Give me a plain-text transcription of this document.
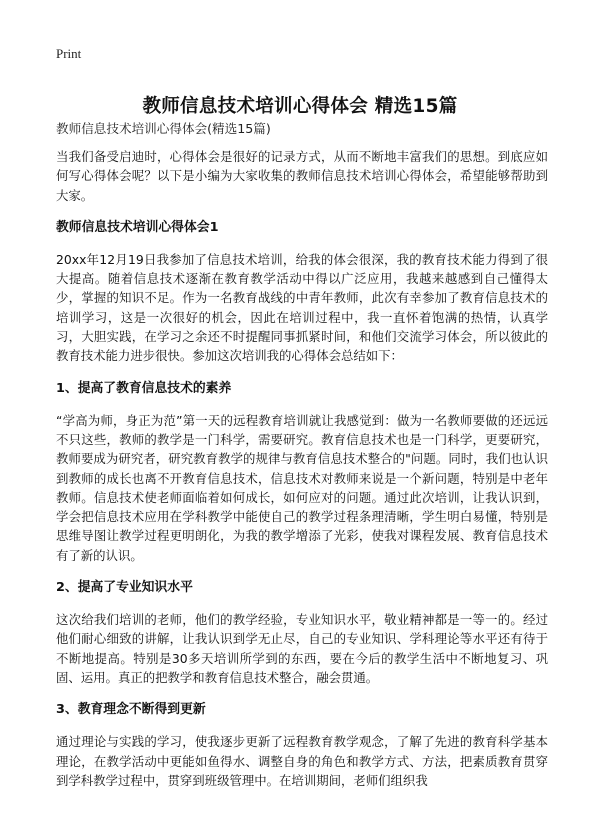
Print
教师信息技术培训心得体会 精选15篇
教师信息技术培训心得体会(精选15篇)

当我们备受启迪时，心得体会是很好的记录方式，从而不断地丰富我们的思想。到底应如何写心得体会呢？以下是小编为大家收集的教师信息技术培训心得体会，希望能够帮助到大家。

教师信息技术培训心得体会1

20xx年12月19日我参加了信息技术培训，给我的体会很深，我的教育技术能力得到了很大提高。随着信息技术逐渐在教育教学活动中得以广泛应用，我越来越感到自己懂得太少，掌握的知识不足。作为一名教育战线的中青年教师，此次有幸参加了教育信息技术的培训学习，这是一次很好的机会，因此在培训过程中，我一直怀着饱满的热情，认真学习，大胆实践，在学习之余还不时提醒同事抓紧时间，和他们交流学习体会，所以彼此的教育技术能力进步很快。参加这次培训我的心得体会总结如下：

1、提高了教育信息技术的素养

“学高为师，身正为范”第一天的远程教育培训就让我感觉到：做为一名教师要做的还远远不只这些，教师的教学是一门科学，需要研究。教育信息技术也是一门科学，更要研究，教师要成为研究者，研究教育教学的规律与教育信息技术整合的"问题。同时，我们也认识到教师的成长也离不开教育信息技术，信息技术对教师来说是一个新问题，特别是中老年教师。信息技术使老师面临着如何成长，如何应对的问题。通过此次培训，让我认识到，学会把信息技术应用在学科教学中能使自己的教学过程条理清晰，学生明白易懂，特别是思维导图让教学过程更明朗化，为我的教学增添了光彩，使我对课程发展、教育信息技术有了新的认识。

2、提高了专业知识水平

这次给我们培训的老师，他们的教学经验，专业知识水平，敬业精神都是一等一的。经过他们耐心细致的讲解，让我认识到学无止尽，自己的专业知识、学科理论等水平还有待于不断地提高。特别是30多天培训所学到的东西，要在今后的教学生活中不断地复习、巩固、运用。真正的把教学和教育信息技术整合，融会贯通。

3、教育理念不断得到更新

通过理论与实践的学习，使我逐步更新了远程教育教学观念，了解了先进的教育科学基本理论，在教学活动中更能如鱼得水、调整自身的角色和教学方式、方法，把素质教育贯穿到学科教学过程中，贯穿到班级管理中。在培训期间，老师们组织我
